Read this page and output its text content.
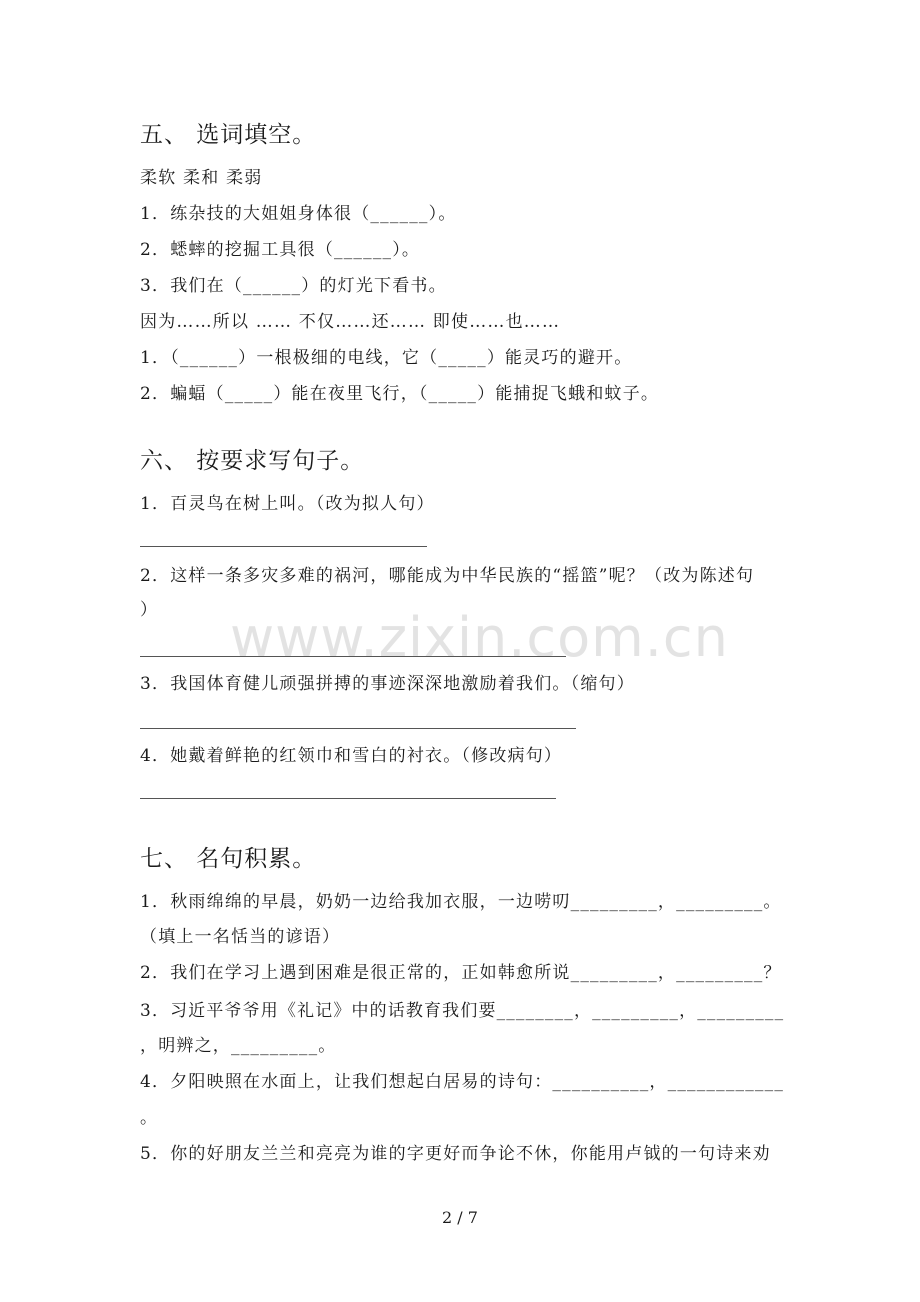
www.zixin.com.cn
五、 选词填空。
柔软 柔和 柔弱
1．练杂技的大姐姐身体很（______）。
2．蟋蟀的挖掘工具很（______）。
3．我们在（______）的灯光下看书。
因为……所以 …… 不仅……还…… 即使……也……
1．（______）一根极细的电线，它（_____）能灵巧的避开。
2．蝙蝠（_____）能在夜里飞行，（_____）能捕捉飞蛾和蚊子。
六、 按要求写句子。
1．百灵鸟在树上叫。（改为拟人句）
2．这样一条多灾多难的祸河，哪能成为中华民族的“摇篮”呢？（改为陈述句
）
3．我国体育健儿顽强拼搏的事迹深深地激励着我们。（缩句）
4．她戴着鲜艳的红领巾和雪白的衬衣。（修改病句）
七、 名句积累。
1．秋雨绵绵的早晨，奶奶一边给我加衣服，一边唠叨_________，_________。
（填上一名恬当的谚语）
2．我们在学习上遇到困难是很正常的，正如韩愈所说_________，_________？
3．习近平爷爷用《礼记》中的话教育我们要________，_________，_________
，明辨之，_________。
4．夕阳映照在水面上，让我们想起白居易的诗句：__________，____________
。
5．你的好朋友兰兰和亮亮为谁的字更好而争论不休，你能用卢钺的一句诗来劝
2 / 7
